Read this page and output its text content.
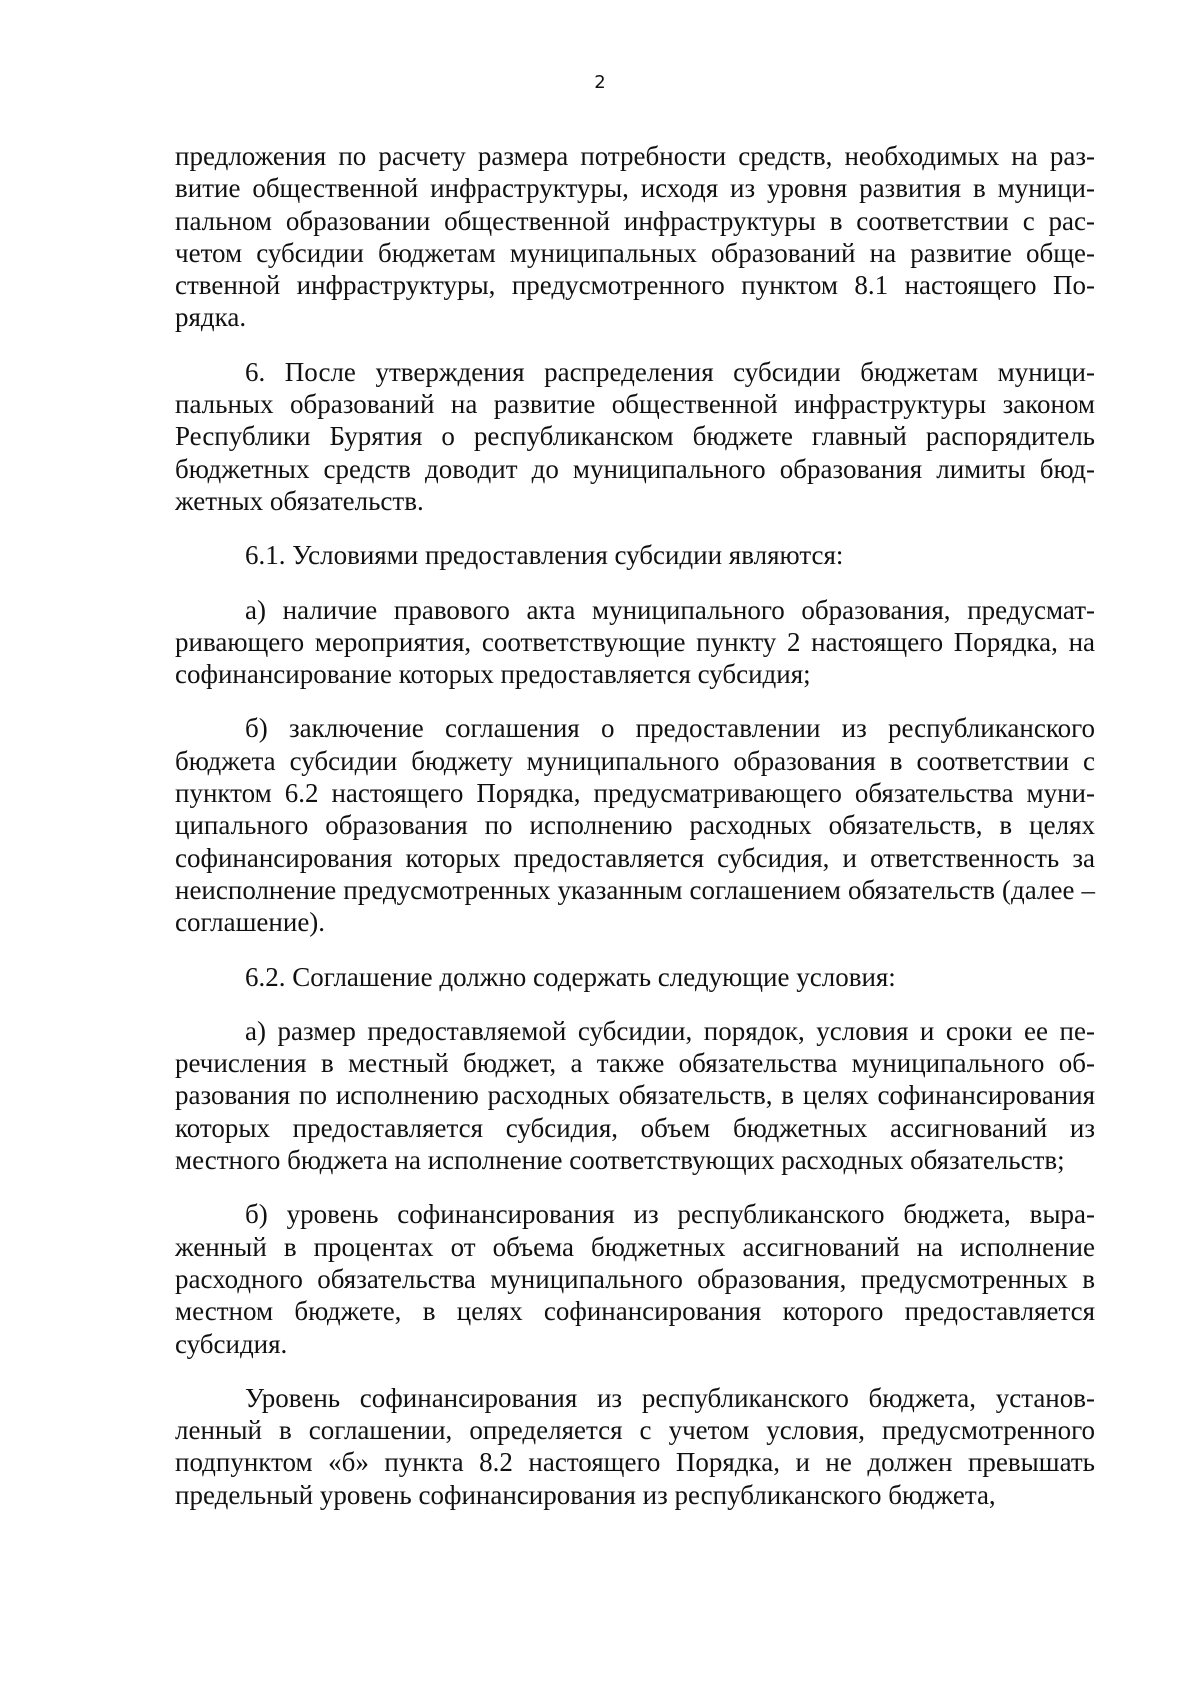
2

предложения по расчету размера потребности средств, необходимых на развитие общественной инфраструктуры, исходя из уровня развития в муниципальном образовании общественной инфраструктуры в соответствии с расчетом субсидии бюджетам муниципальных образований на развитие общественной инфраструктуры, предусмотренного пунктом 8.1 настоящего Порядка.

6. После утверждения распределения субсидии бюджетам муниципальных образований на развитие общественной инфраструктуры законом Республики Бурятия о республиканском бюджете главный распорядитель бюджетных средств доводит до муниципального образования лимиты бюджетных обязательств.

6.1. Условиями предоставления субсидии являются:

а) наличие правового акта муниципального образования, предусматривающего мероприятия, соответствующие пункту 2 настоящего Порядка, на софинансирование которых предоставляется субсидия;

б) заключение соглашения о предоставлении из республиканского бюджета субсидии бюджету муниципального образования в соответствии с пунктом 6.2 настоящего Порядка, предусматривающего обязательства муниципального образования по исполнению расходных обязательств, в целях софинансирования которых предоставляется субсидия, и ответственность за неисполнение предусмотренных указанным соглашением обязательств (далее – соглашение).

6.2. Соглашение должно содержать следующие условия:

а) размер предоставляемой субсидии, порядок, условия и сроки ее перечисления в местный бюджет, а также обязательства муниципального образования по исполнению расходных обязательств, в целях софинансирования которых предоставляется субсидия, объем бюджетных ассигнований из местного бюджета на исполнение соответствующих расходных обязательств;

б) уровень софинансирования из республиканского бюджета, выраженный в процентах от объема бюджетных ассигнований на исполнение расходного обязательства муниципального образования, предусмотренных в местном бюджете, в целях софинансирования которого предоставляется субсидия.

Уровень софинансирования из республиканского бюджета, установленный в соглашении, определяется с учетом условия, предусмотренного подпунктом «б» пункта 8.2 настоящего Порядка, и не должен превышать предельный уровень софинансирования из республиканского бюджета,
